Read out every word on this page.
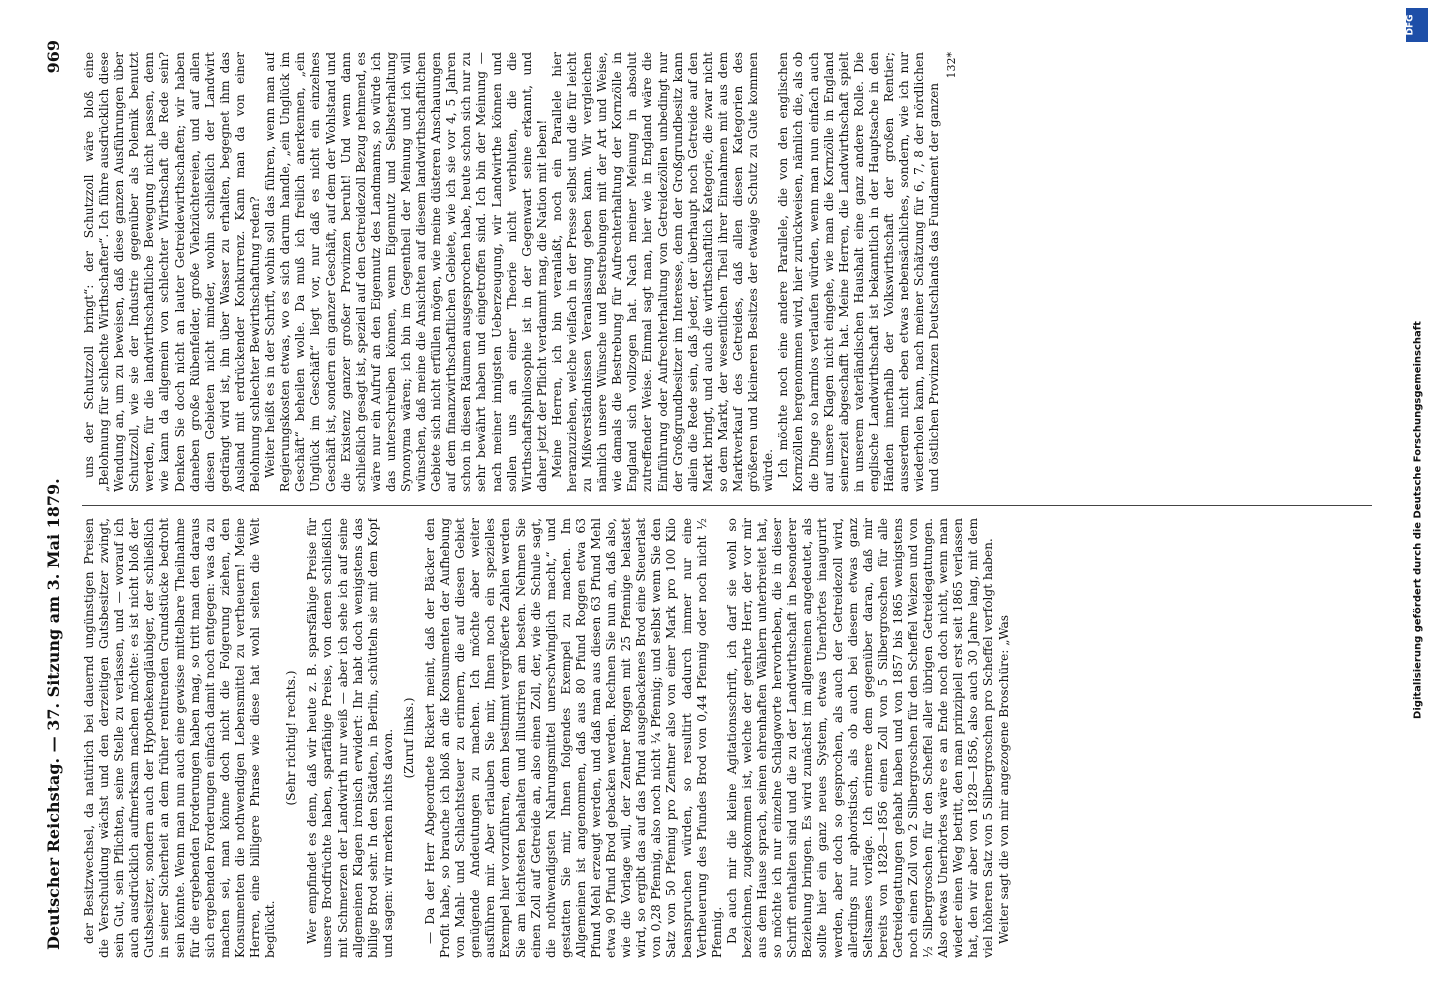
Deutscher Reichstag. — 37. Sitzung am 3. Mai 1879.
969

der Besitzwechsel, da natürlich bei dauernd ungünstigen Preisen die Verschuldung wächst und den derzeitigen Gutsbesitzer zwingt, sein Gut, sein Pflichten, seine Stelle zu verlassen, und — worauf ich auch ausdrücklich aufmerksam machen möchte: es ist nicht bloß der Gutsbesitzer, sondern auch der Hypothekengläubiger, der schließlich in seiner Sicherheit an dem früher rentirenden Grundstücke bedroht sein könnte. Wenn man nun auch eine gewisse mittelbare Theilnahme für die ergebenden Forderungen haben mag, so tritt man den daraus sich ergebenden Forderungen einfach damit noch entgegen: was da zu machen sei, man könne doch nicht die Folgerung ziehen, den Konsumenten die nothwendigen Lebensmittel zu vertheuern! Meine Herren, eine billigere Phrase wie diese hat wohl selten die Welt beglückt.

(Sehr richtig! rechts.) Wer empfindet es denn, daß wir heute z. B. sparsfähige Preise für unsere Brodfrüchte haben, sparfähige Preise, von denen schließlich mit Schmerzen der Landwirth nur weiß — aber ich sehe ich auf seine allgemeinen Klagen ironisch erwidert: Ihr habt doch wenigstens das billige Brod sehr. In den Städten, in Berlin, schütteln sie mit dem Kopf und sagen: wir merken nichts davon. (Zuruf links.) — Da der Herr Abgeordnete Rickert meint, daß der Bäcker den Profit habe, so brauche ich bloß an die Konsumenten der Aufhebung von Mahl- und Schlachtsteuer zu erinnern, die auf diesen Gebiet genügende Andeutungen zu machen. Ich möchte aber weiter ausführen mir. Aber erlauben Sie mir, Ihnen noch ein spezielles Exempel hier vorzuführen, denn bestimmt vergrößerte Zahlen werden Sie am leichtesten behalten und illustriren am besten. Nehmen Sie einen Zoll auf Getreide an, also einen Zoll, der, wie die Schule sagt, die nothwendigsten Nahrungsmittel unerschwinglich macht,“ und gestatten Sie mir, Ihnen folgendes Exempel zu machen. Im Allgemeinen ist angenommen, daß aus 80 Pfund Roggen etwa 63 Pfund Mehl erzeugt werden, und daß man aus diesen 63 Pfund Mehl etwa 90 Pfund Brod gebacken werden. Rechnen Sie nun an, daß also, wie die Vorlage will, der Zentner Roggen mit 25 Pfennige belastet wird, so ergibt das auf das Pfund ausgebackenes Brod eine Steuerlast von 0,28 Pfennig, also noch nicht ¼ Pfennig; und selbst wenn Sie den Satz von 50 Pfennig pro Zentner also von einer Mark pro 100 Kilo beanspruchen würden, so resultirt dadurch immer nur eine Vertheuerung des Pfundes Brod von 0,44 Pfennig oder noch nicht ½ Pfennig. Da auch mir die kleine Agitationsschrift, ich darf sie wohl so bezeichnen, zugekommen ist, welche der geehrte Herr, der vor mir aus dem Hause sprach, seinen ehrenhaften Wählern unterbreitet hat, so möchte ich nur einzelne Schlagworte hervorheben, die in dieser Schrift enthalten sind und die zu der Landwirthschaft in besonderer Beziehung bringen. Es wird zunächst im allgemeinen angedeutet, als sollte hier ein ganz neues System, etwas Unerhörtes inaugurirt werden, aber doch so gesprochen, als auch der Getreidezoll wird, allerdings nur aphoristisch, als ob auch bei diesem etwas ganz Seltsames vorläge. Ich erinnere dem gegenüber daran, daß mir bereits von 1828—1856 einen Zoll von 5 Silbergroschen für alle Getreidegattungen gehabt haben und von 1857 bis 1865 wenigstens noch einen Zoll von 2 Silbergroschen für den Scheffel Weizen und von ½ Silbergroschen für den Scheffel aller übrigen Getreidegattungen. Also etwas Unerhörtes wäre es an Ende noch doch nicht, wenn man wieder einen Weg betritt, den man prinzipiell erst seit 1865 verlassen hat, den wir aber von 1828—1856, also auch 30 Jahre lang, mit dem viel höheren Satz von 5 Silbergroschen pro Scheffel verfolgt haben. Weiter sagt die von mir angezogene Broschüre: „Was

uns der Schutzzoll bringt“: der Schutzzoll wäre bloß eine „Belohnung für schlechte Wirthschafter“. Ich führe ausdrücklich diese Wendung an, um zu beweisen, daß diese ganzen Ausführungen über Schutzzoll, wie sie der Industrie gegenüber als Polemik benutzt werden, für die landwirthschaftliche Bewegung nicht passen, denn wie kann da allgemein von schlechter Wirthschaft die Rede sein? Denken Sie doch nicht an lauter Getreidewirthschaften; wir haben daneben große Rübenfelder, große Viehzüchtereien, und auf allen diesen Gebieten nicht minder, wohin schließlich der Landwirt gedrängt wird ist, ihn über Wasser zu erhalten, begegnet ihm das Ausland mit erdrückender Konkurrenz. Kann man da von einer Belohnung schlechter Bewirthschaftung reden? Weiter heißt es in der Schrift, wohin soll das führen, wenn man auf Regierungskosten etwas, wo es sich darum handle, „ein Unglück im Geschäft“ beheilen wolle. Da muß ich freilich anerkennen, „ein Unglück im Geschäft“ liegt vor, nur daß es nicht ein einzelnes Geschäft ist, sondern ein ganzer Geschäft, auf dem der Wohlstand und die Existenz ganzer großer Provinzen beruht! Und wenn dann schließlich gesagt ist, speziell auf den Getreidezoll Bezug nehmend, es wäre nur ein Aufruf an den Eigennutz des Landmanns, so würde ich das unterschreiben können, wenn Eigennutz und Selbsterhaltung Synonyma wären; ich bin im Gegentheil der Meinung und ich will wünschen, daß meine die Ansichten auf diesem landwirthschaftlichen Gebiete sich nicht erfüllen mögen, wie meine düsteren Anschauungen auf dem finanzwirthschaftlichen Gebiete, wie ich sie vor 4, 5 Jahren schon in diesen Räumen ausgesprochen habe, heute schon sich nur zu sehr bewährt haben und eingetroffen sind. Ich bin der Meinung — nach meiner innigsten Ueberzeugung, wir Landwirthe können und sollen uns an einer Theorie nicht verbluten, die die Wirthschaftsphilosophie ist in der Gegenwart seine erkannt, und daher jetzt der Pflicht verdammt mag, die Nation mit leben! Meine Herren, ich bin veranlaßt, noch ein Parallele hier heranzuziehen, welche vielfach in der Presse selbst und die für leicht zu Mißverständnissen Veranlassung geben kann. Wir vergleichen nämlich unsere Wünsche und Bestrebungen mit der Art und Weise, wie damals die Bestrebung für Aufrechterhaltung der Kornzölle in England sich vollzogen hat. Nach meiner Meinung in absolut zutreffender Weise. Einmal sagt man, hier wie in England wäre die Einführung oder Aufrechterhaltung von Getreidezöllen unbedingt nur der Großgrundbesitzer im Interesse, denn der Großgrundbesitz kann allein die Rede sein, daß jeder, der überhaupt noch Getreide auf den Markt bringt, und auch die wirthschaftlich Kategorie, die zwar nicht so dem Markt, der wesentlichen Theil ihrer Einnahmen mit aus dem Marktverkauf des Getreides, daß allen diesen Kategorien des größeren und kleineren Besitzes der etwaige Schutz zu Gute kommen würde. Ich möchte noch eine andere Parallele, die von den englischen Kornzöllen hergenommen wird, hier zurückweisen, nämlich die, als ob die Dinge so harmlos verlaufen würden, wenn man nun einfach auch auf unsere Klagen nicht eingehe, wie man die Kornzölle in England seinerzeit abgeschafft hat. Meine Herren, die Landwirthschaft spielt in unserem vaterländischen Haushalt eine ganz andere Rolle. Die englische Landwirthschaft ist bekanntlich in der Hauptsache in den Händen innerhalb der Volkswirthschaft der großen Rentier; ausserdem nicht eben etwas nebensächliches, sondern, wie ich nur wiederholen kann, nach meiner Schätzung für 6, 7, 8 der nördlichen und östlichen Provinzen Deutschlands das Fundament der ganzen

132*

DFG
Digitalisierung gefördert durch die Deutsche Forschungsgemeinschaft
